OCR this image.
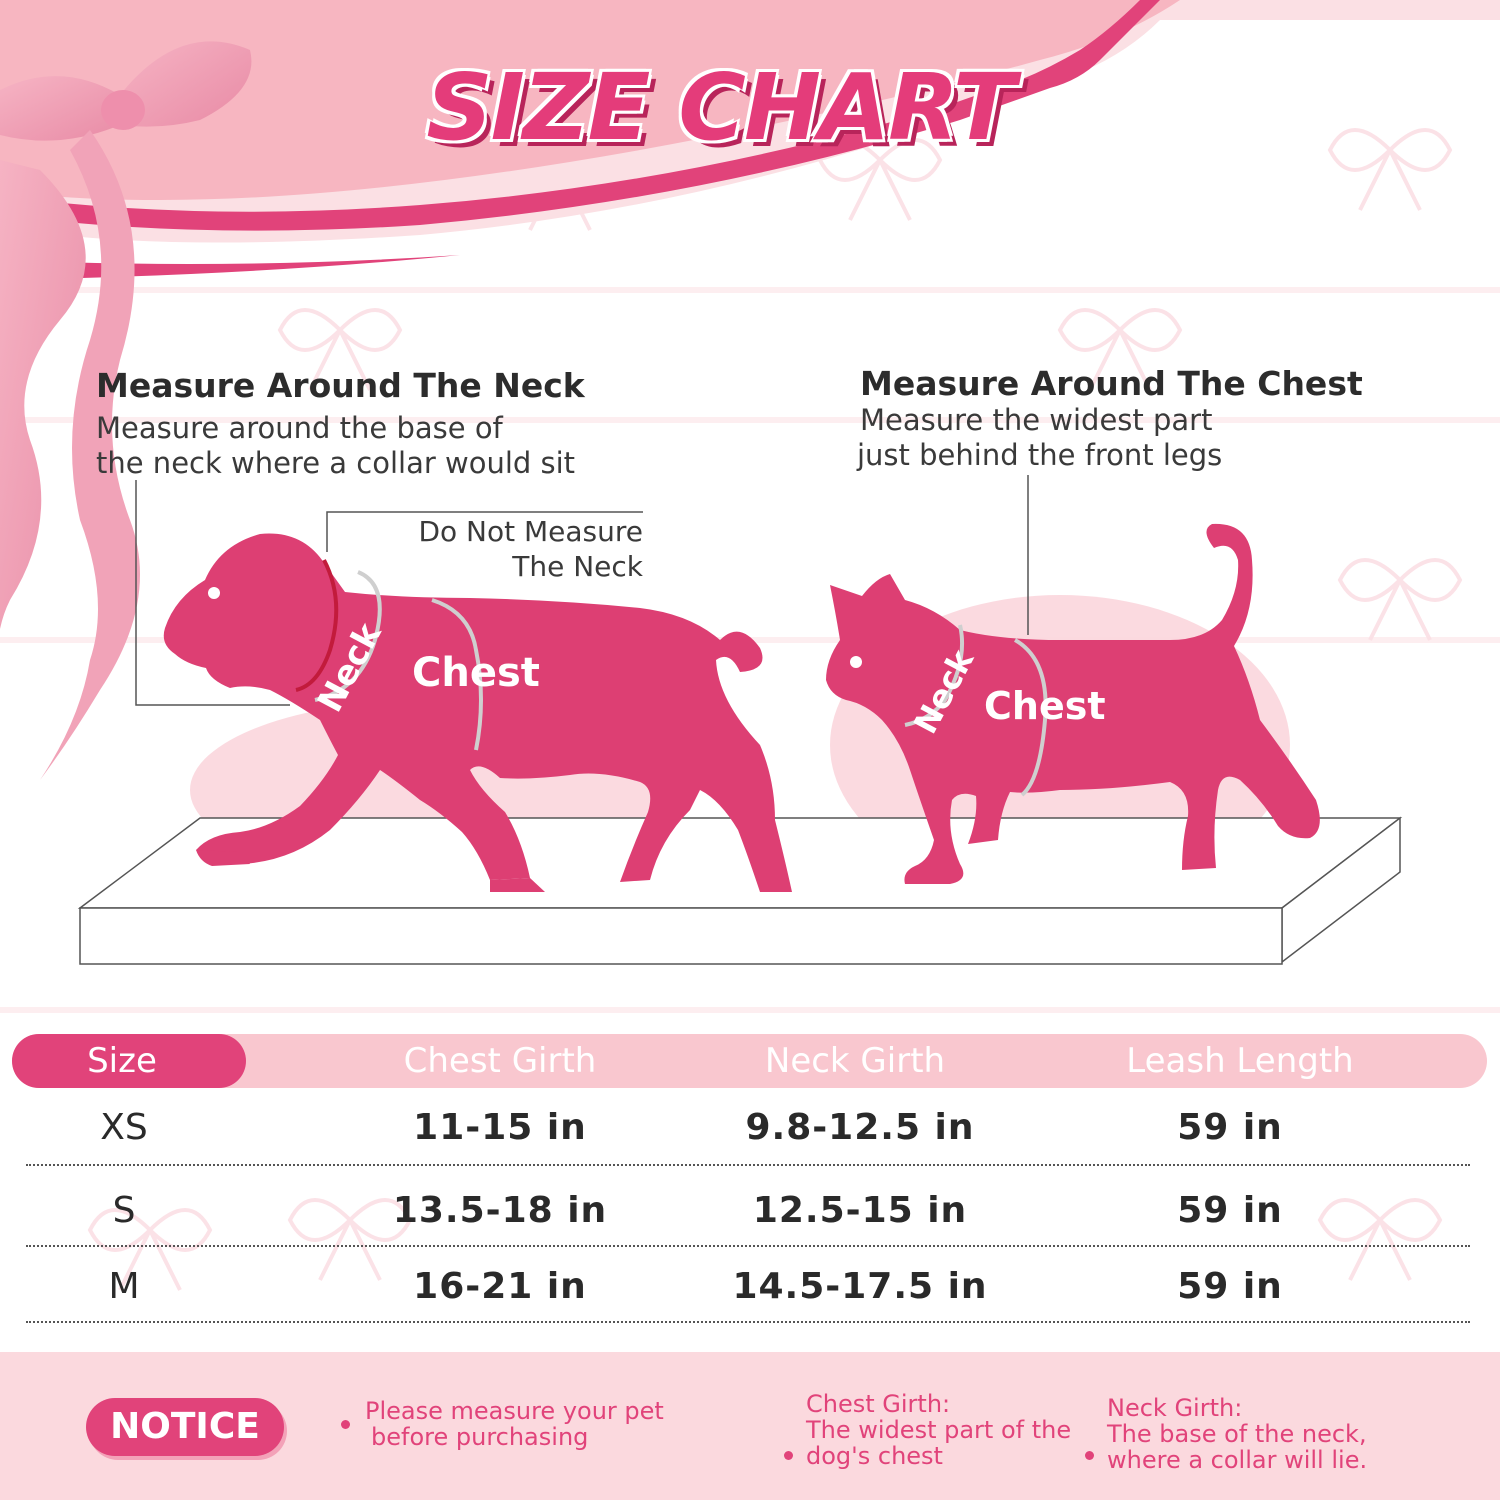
SIZE CHART
Measure Around The Neck
Measure around the base of
the neck where a collar would sit
Measure Around The Chest
Measure the widest part
just behind the front legs
Do Not Measure
The Neck
Neck Chest	Neck Chest
Size	Chest Girth	Neck Girth	Leash Length
XS	11-15 in	9.8-12.5 in	59 in
S	13.5-18 in	12.5-15 in	59 in
M	16-21 in	14.5-17.5 in	59 in
NOTICE	Please measure your pet
before purchasing
Chest Girth:
The widest part of the
dog's chest
Neck Girth:
The base of the neck,
where a collar will lie.
